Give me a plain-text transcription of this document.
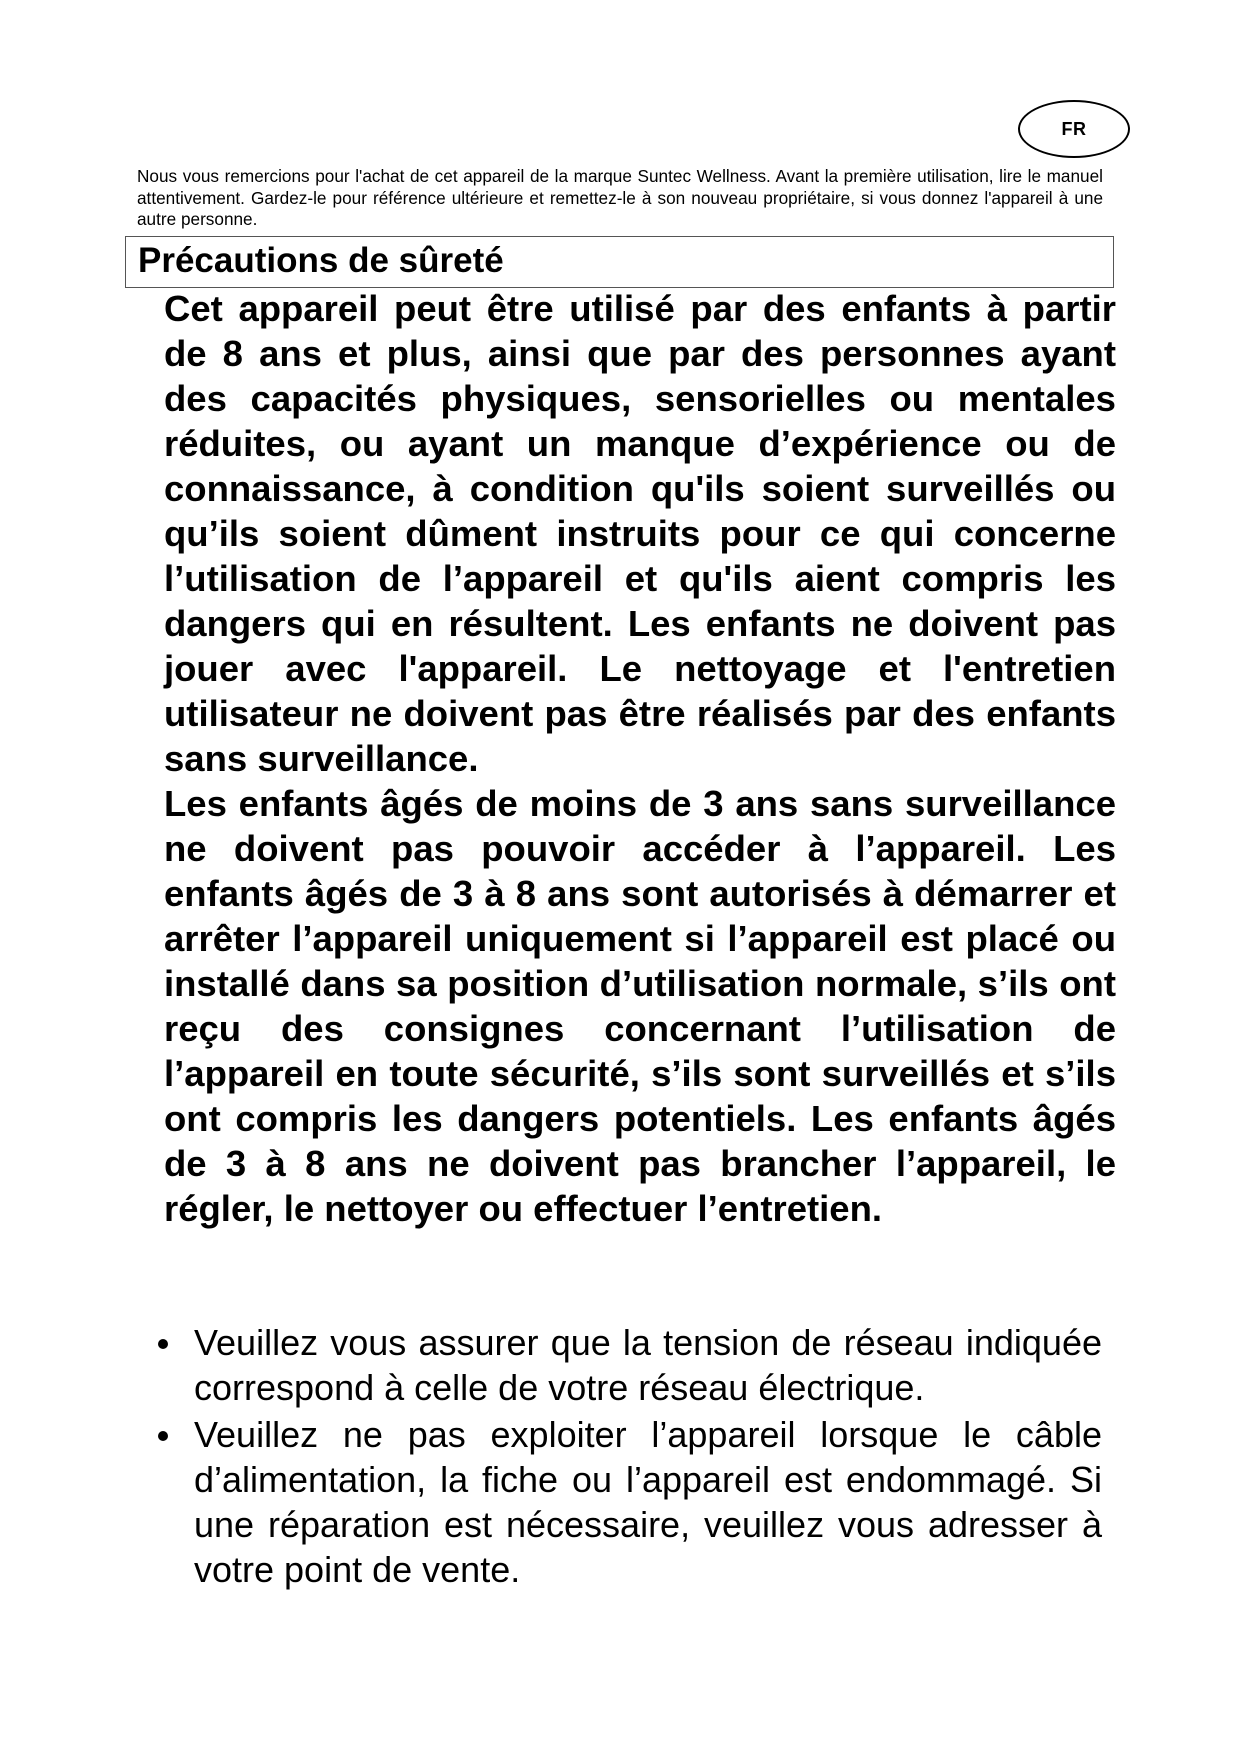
FR

Nous vous remercions pour l'achat de cet appareil de la marque Suntec Wellness. Avant la première utilisation, lire le manuel attentivement. Gardez-le pour référence ultérieure et remettez-le à son nouveau propriétaire, si vous donnez l'appareil à une autre personne.

Précautions de sûreté

Cet appareil peut être utilisé par des enfants à partir de 8 ans et plus, ainsi que par des personnes ayant des capacités physiques, sensorielles ou mentales réduites, ou ayant un manque d’expérience ou de connaissance, à condition qu'ils soient surveillés ou qu’ils soient dûment instruits pour ce qui concerne l’utilisation de l’appareil et qu'ils aient compris les dangers qui en résultent. Les enfants ne doivent pas jouer avec l'appareil. Le nettoyage et l'entretien utilisateur ne doivent pas être réalisés par des enfants sans surveillance.

Les enfants âgés de moins de 3 ans sans surveillance ne doivent pas pouvoir accéder à l’appareil. Les enfants âgés de 3 à 8 ans sont autorisés à démarrer et arrêter l’appareil uniquement si l’appareil est placé ou installé dans sa position d’utilisation normale, s’ils ont reçu des consignes concernant l’utilisation de l’appareil en toute sécurité, s’ils sont surveillés et s’ils ont compris les dangers potentiels. Les enfants âgés de 3 à 8 ans ne doivent pas brancher l’appareil, le régler, le nettoyer ou effectuer l’entretien.

Veuillez vous assurer que la tension de réseau indiquée correspond à celle de votre réseau électrique.
Veuillez ne pas exploiter l’appareil lorsque le câble d’alimentation, la fiche ou l’appareil est endommagé. Si une réparation est nécessaire, veuillez vous adresser à votre point de vente.
